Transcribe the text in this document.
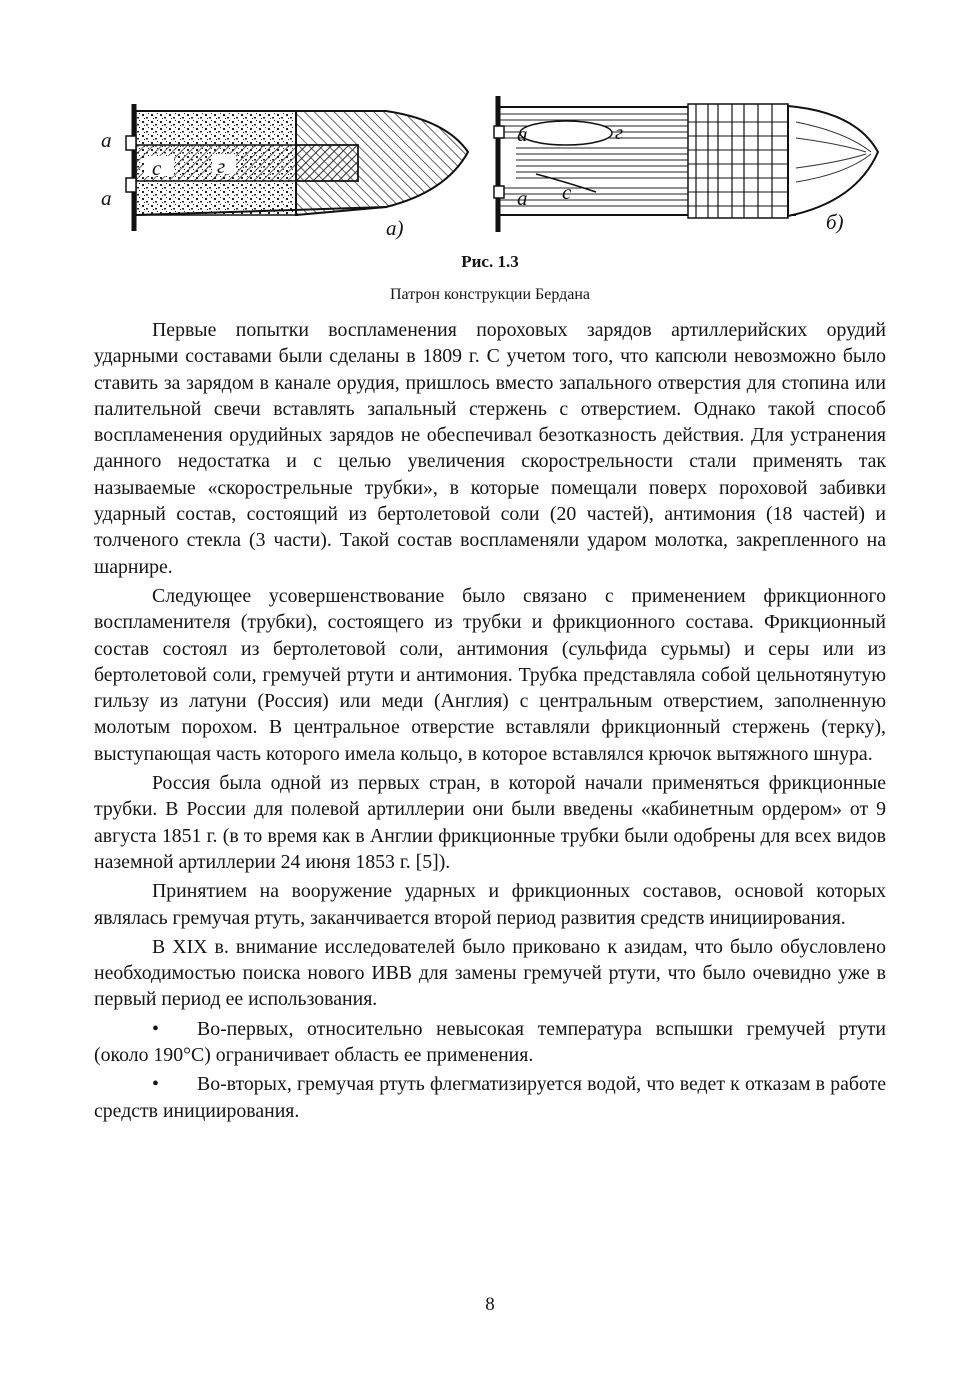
а
а
с	г
а)
а	г
а с
б)
Рис. 1.3
Патрон конструкции Бердана

Первые попытки воспламенения пороховых зарядов артиллерийских орудий ударными составами были сделаны в 1809 г. С учетом того, что капсюли невозможно было ставить за зарядом в канале орудия, пришлось вместо запального отверстия для стопина или палительной свечи вставлять запальный стержень с отверстием. Однако такой способ воспламенения орудийных зарядов не обеспечивал безотказность действия. Для устранения данного недостатка и с целью увеличения скорострельности стали применять так называемые «скорострельные трубки», в которые помещали поверх пороховой забивки ударный состав, состоящий из бертолетовой соли (20 частей), антимония (18 частей) и толченого стекла (3 части). Такой состав воспламеняли ударом молотка, закрепленного на шарнире.

Следующее усовершенствование было связано с применением фрикционного воспламенителя (трубки), состоящего из трубки и фрикционного состава. Фрикционный состав состоял из бертолетовой соли, антимония (сульфида сурьмы) и серы или из бертолетовой соли, гремучей ртути и антимония. Трубка представляла собой цельнотянутую гильзу из латуни (Россия) или меди (Англия) с центральным отверстием, заполненную молотым порохом. В центральное отверстие вставляли фрикционный стержень (терку), выступающая часть которого имела кольцо, в которое вставлялся крючок вытяжного шнура.

Россия была одной из первых стран, в которой начали применяться фрикционные трубки. В России для полевой артиллерии они были введены «кабинетным ордером» от 9 августа 1851 г. (в то время как в Англии фрикционные трубки были одобрены для всех видов наземной артиллерии 24 июня 1853 г. [5]).

Принятием на вооружение ударных и фрикционных составов, основой которых являлась гремучая ртуть, заканчивается второй период развития средств инициирования.

В XIX в. внимание исследователей было приковано к азидам, что было обусловлено необходимостью поиска нового ИВВ для замены гремучей ртути, что было очевидно уже в первый период ее использования.

• Во-первых, относительно невысокая температура вспышки гремучей ртути (около 190°С) ограничивает область ее применения.

• Во-вторых, гремучая ртуть флегматизируется водой, что ведет к отказам в работе средств инициирования.

8
